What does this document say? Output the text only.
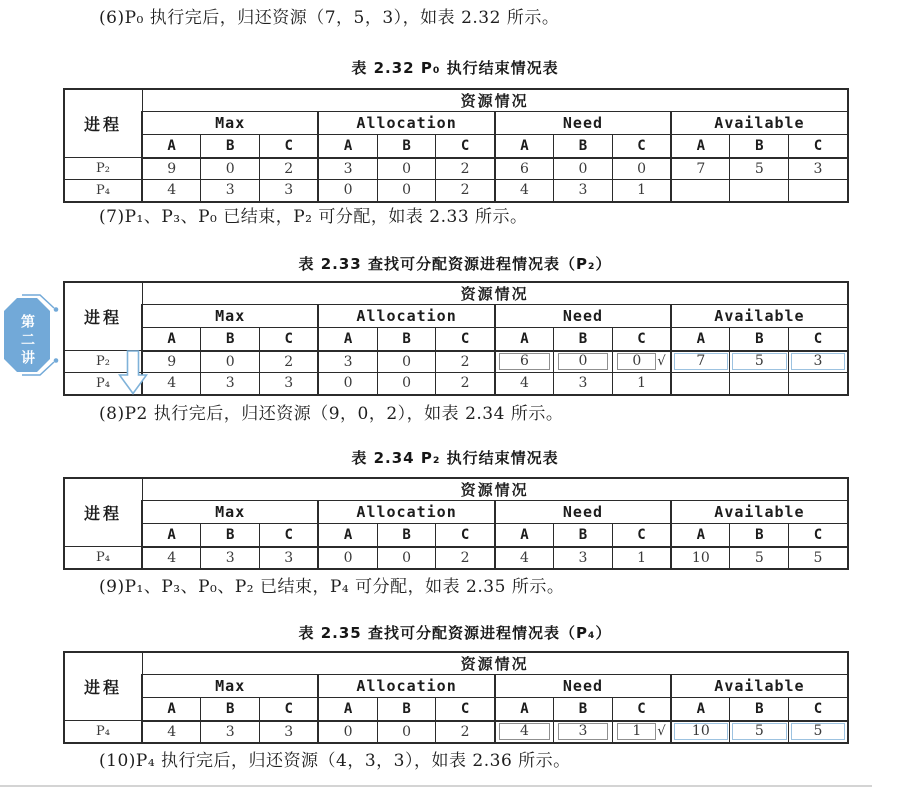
第二讲
(6)P₀ 执行完后，归还资源（7，5，3），如表 2.32 所示。
(7)P₁、P₃、P₀ 已结束，P₂ 可分配，如表 2.33 所示。
(8)P2 执行完后，归还资源（9，0，2），如表 2.34 所示。
(9)P₁、P₃、P₀、P₂ 已结束，P₄ 可分配，如表 2.35 所示。
(10)P₄ 执行完后，归还资源（4，3，3），如表 2.36 所示。
表 2.32 P₀ 执行结束情况表
表 2.33 查找可分配资源进程情况表（P₂）
表 2.34 P₂ 执行结束情况表
表 2.35 查找可分配资源进程情况表（P₄）
进程	资源情况											
	Max			Allocation			Need			Available		
	A	B	C	A	B	C	A	B	C	A	B	C
P₂	9	0	2	3	0	2	6	0	0	7	5	3
P₄	4	3	3	0	0	2	4	3	1			
进程	资源情况											
	Max			Allocation			Need			Available		
	A	B	C	A	B	C	A	B	C	A	B	C
P₂	9	0	2	3	0	2	6	0	0 √	7	5	3
P₄	4	3	3	0	0	2	4	3	1			
进程	资源情况											
	Max			Allocation			Need			Available		
	A	B	C	A	B	C	A	B	C	A	B	C
P₄	4	3	3	0	0	2	4	3	1	10	5	5
进程	资源情况											
	Max			Allocation			Need			Available		
	A	B	C	A	B	C	A	B	C	A	B	C
P₄	4	3	3	0	0	2	4	3	1 √	10	5	5
